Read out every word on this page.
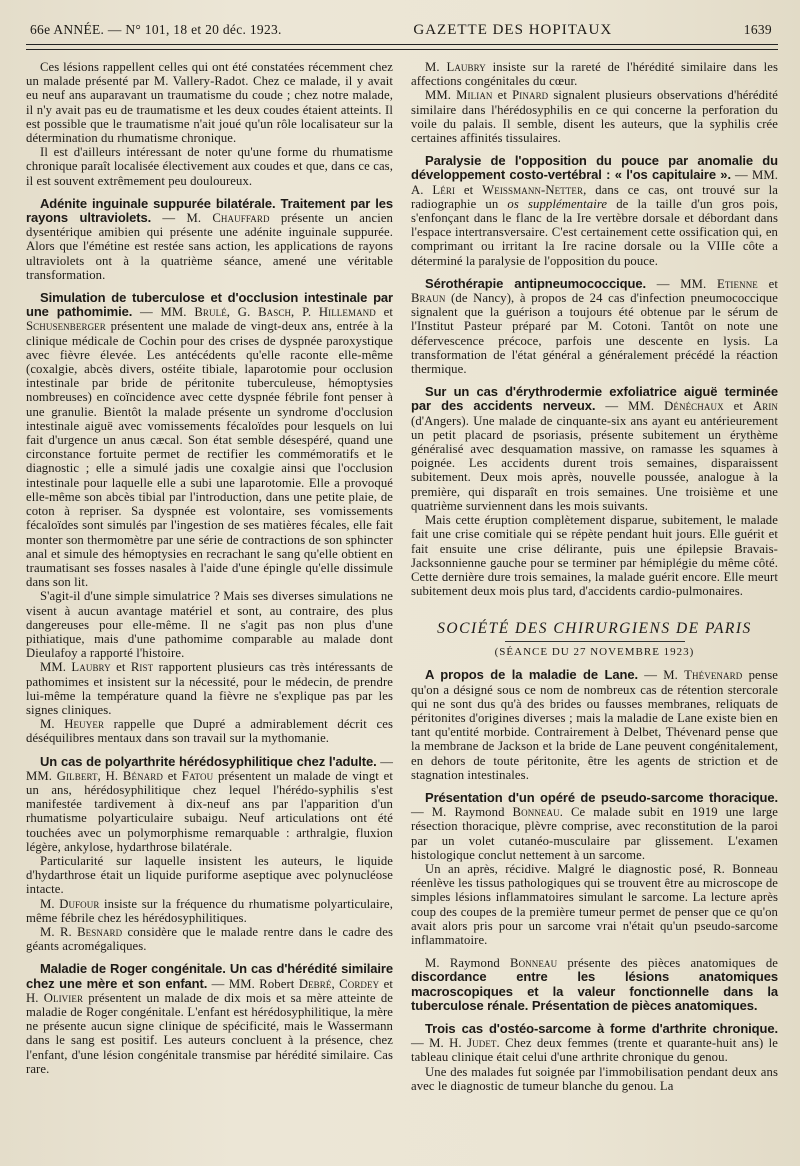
66e ANNÉE. — N° 101, 18 et 20 déc. 1923.	GAZETTE DES HOPITAUX	1639

Ces lésions rappellent celles qui ont été constatées récemment chez un malade présenté par M. Vallery-Radot. Chez ce malade, il y avait eu neuf ans auparavant un traumatisme du coude ; chez notre malade, il n'y avait pas eu de traumatisme et les deux coudes étaient atteints. Il est possible que le traumatisme n'ait joué qu'un rôle localisateur sur la détermination du rhumatisme chronique.

Il est d'ailleurs intéressant de noter qu'une forme du rhumatisme chronique paraît localisée électivement aux coudes et que, dans ce cas, il est souvent extrêmement peu douloureux.

Adénite inguinale suppurée bilatérale. Traitement par les rayons ultraviolets. — M. Chauffard présente un ancien dysentérique amibien qui présente une adénite inguinale suppurée. Alors que l'émétine est restée sans action, les applications de rayons ultraviolets ont à la quatrième séance, amené une véritable transformation.

Simulation de tuberculose et d'occlusion intestinale par une pathomimie. — MM. Brulé, G. Basch, P. Hillemand et Schusenberger présentent une malade de vingt-deux ans, entrée à la clinique médicale de Cochin pour des crises de dyspnée paroxystique avec fièvre élevée. Les antécédents qu'elle raconte elle-même (coxalgie, abcès divers, ostéite tibiale, laparotomie pour occlusion intestinale par bride de péritonite tuberculeuse, hémoptysies nombreuses) en coïncidence avec cette dyspnée fébrile font penser à une granulie. Bientôt la malade présente un syndrome d'occlusion intestinale aiguë avec vomissements fécaloïdes pour lesquels on lui fait d'urgence un anus cæcal. Son état semble désespéré, quand une circonstance fortuite permet de rectifier les commémoratifs et le diagnostic ; elle a simulé jadis une coxalgie ainsi que l'occlusion intestinale pour laquelle elle a subi une laparotomie. Elle a provoqué elle-même son abcès tibial par l'introduction, dans une petite plaie, de coton à repriser. Sa dyspnée est volontaire, ses vomissements fécaloïdes sont simulés par l'ingestion de ses matières fécales, elle fait monter son thermomètre par une série de contractions de son sphincter anal et simule des hémoptysies en recrachant le sang qu'elle obtient en traumatisant ses fosses nasales à l'aide d'une épingle qu'elle dissimule dans son lit.

S'agit-il d'une simple simulatrice ? Mais ses diverses simulations ne visent à aucun avantage matériel et sont, au contraire, des plus dangereuses pour elle-même. Il ne s'agit pas non plus d'une pithiatique, mais d'une pathomime comparable au malade dont Dieulafoy a rapporté l'histoire.

MM. Laubry et Rist rapportent plusieurs cas très intéressants de pathomimes et insistent sur la nécessité, pour le médecin, de prendre lui-même la température quand la fièvre ne s'explique pas par les signes cliniques.

M. Heuyer rappelle que Dupré a admirablement décrit ces déséquilibres mentaux dans son travail sur la mythomanie.

Un cas de polyarthrite hérédosyphilitique chez l'adulte. — MM. Gilbert, H. Bénard et Fatou présentent un malade de vingt et un ans, hérédosyphilitique chez lequel l'hérédo-syphilis s'est manifestée tardivement à dix-neuf ans par l'apparition d'un rhumatisme polyarticulaire subaigu. Neuf articulations ont été touchées avec un polymorphisme remarquable : arthralgie, fluxion légère, ankylose, hydarthrose bilatérale.

Particularité sur laquelle insistent les auteurs, le liquide d'hydarthrose était un liquide puriforme aseptique avec polynucléose intacte.

M. Dufour insiste sur la fréquence du rhumatisme polyarticulaire, même fébrile chez les hérédosyphilitiques.

M. R. Besnard considère que le malade rentre dans le cadre des géants acromégaliques.

Maladie de Roger congénitale. Un cas d'hérédité similaire chez une mère et son enfant. — MM. Robert Debré, Cordey et H. Olivier présentent un malade de dix mois et sa mère atteinte de maladie de Roger congénitale. L'enfant est hérédosyphilitique, la mère ne présente aucun signe clinique de spécificité, mais le Wassermann dans le sang est positif. Les auteurs concluent à la présence, chez l'enfant, d'une lésion congénitale transmise par hérédité similaire. Cas rare.

M. Laubry insiste sur la rareté de l'hérédité similaire dans les affections congénitales du cœur.

MM. Milian et Pinard signalent plusieurs observations d'hérédité similaire dans l'hérédosyphilis en ce qui concerne la perforation du voile du palais. Il semble, disent les auteurs, que la syphilis crée certaines affinités tissulaires.

Paralysie de l'opposition du pouce par anomalie du développement costo-vertébral : « l'os capitulaire ». — MM. A. Léri et Weissmann-Netter, dans ce cas, ont trouvé sur la radiographie un os supplémentaire de la taille d'un gros pois, s'enfonçant dans le flanc de la Ire vertèbre dorsale et débordant dans l'espace intertransversaire. C'est certainement cette ossification qui, en comprimant ou irritant la Ire racine dorsale ou la VIIIe côte a déterminé la paralysie de l'opposition du pouce.

Sérothérapie antipneumococcique. — MM. Etienne et Braun (de Nancy), à propos de 24 cas d'infection pneumococcique signalent que la guérison a toujours été obtenue par le sérum de l'Institut Pasteur préparé par M. Cotoni. Tantôt on note une défervescence précoce, parfois une descente en lysis. La transformation de l'état général a généralement précédé la réaction thermique.

Sur un cas d'érythrodermie exfoliatrice aiguë terminée par des accidents nerveux. — MM. Dénéchaux et Arin (d'Angers). Une malade de cinquante-six ans ayant eu antérieurement un petit placard de psoriasis, présente subitement un érythème généralisé avec desquamation massive, on ramasse les squames à poignée. Les accidents durent trois semaines, disparaissent subitement. Deux mois après, nouvelle poussée, analogue à la première, qui disparaît en trois semaines. Une troisième et une quatrième surviennent dans les mois suivants.

Mais cette éruption complètement disparue, subitement, le malade fait une crise comitiale qui se répète pendant huit jours. Elle guérit et fait ensuite une crise délirante, puis une épilepsie Bravais-Jacksonnienne gauche pour se terminer par hémiplégie du même côté. Cette dernière dure trois semaines, la malade guérit encore. Elle meurt subitement deux mois plus tard, d'accidents cardio-pulmonaires.

SOCIÉTÉ DES CHIRURGIENS DE PARIS
(SÉANCE DU 27 NOVEMBRE 1923)

A propos de la maladie de Lane. — M. Thévenard pense qu'on a désigné sous ce nom de nombreux cas de rétention stercorale qui ne sont dus qu'à des brides ou fausses membranes, reliquats de péritonites d'origines diverses ; mais la maladie de Lane existe bien en tant qu'entité morbide. Contrairement à Delbet, Thévenard pense que la membrane de Jackson et la bride de Lane peuvent congénitalement, en dehors de toute péritonite, être les agents de striction et de stagnation intestinales.

Présentation d'un opéré de pseudo-sarcome thoracique. — M. Raymond Bonneau. Ce malade subit en 1919 une large résection thoracique, plèvre comprise, avec reconstitution de la paroi par un volet cutanéo-musculaire par glissement. L'examen histologique conclut nettement à un sarcome.

Un an après, récidive. Malgré le diagnostic posé, R. Bonneau réenlève les tissus pathologiques qui se trouvent être au microscope de simples lésions inflammatoires simulant le sarcome. La lecture après coup des coupes de la première tumeur permet de penser que ce qu'on avait alors pris pour un sarcome vrai n'était qu'un pseudo-sarcome inflammatoire.

M. Raymond Bonneau présente des pièces anatomiques de discordance entre les lésions anatomiques macroscopiques et la valeur fonctionnelle dans la tuberculose rénale. Présentation de pièces anatomiques.

Trois cas d'ostéo-sarcome à forme d'arthrite chronique. — M. H. Judet. Chez deux femmes (trente et quarante-huit ans) le tableau clinique était celui d'une arthrite chronique du genou.

Une des malades fut soignée par l'immobilisation pendant deux ans avec le diagnostic de tumeur blanche du genou. La
